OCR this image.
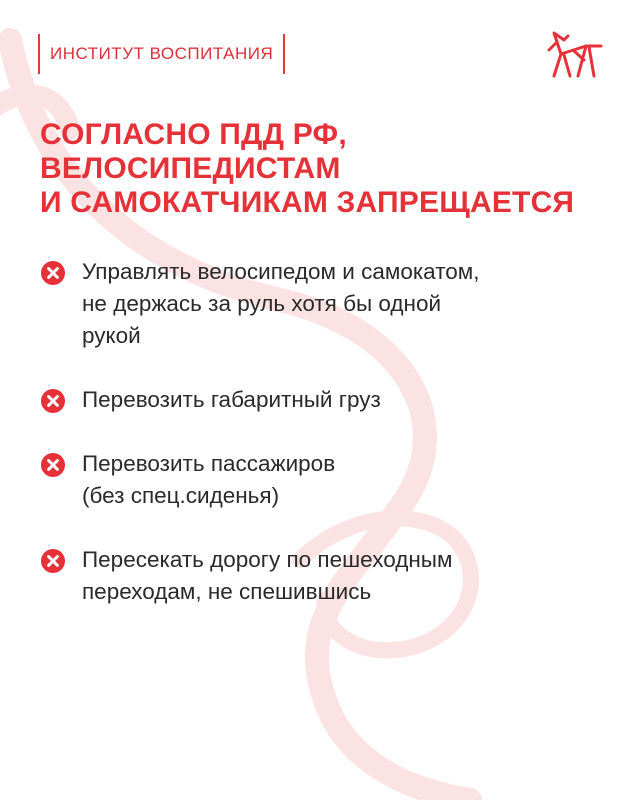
ИНСТИТУТ ВОСПИТАНИЯ
СОГЛАСНО ПДД РФ,
ВЕЛОСИПЕДИСТАМ
И САМОКАТЧИКАМ ЗАПРЕЩАЕТСЯ
Управлять велосипедом и самокатом,
не держась за руль хотя бы одной
рукой
Перевозить габаритный груз
Перевозить пассажиров
(без спец.сиденья)
Пересекать дорогу по пешеходным
переходам, не спешившись
